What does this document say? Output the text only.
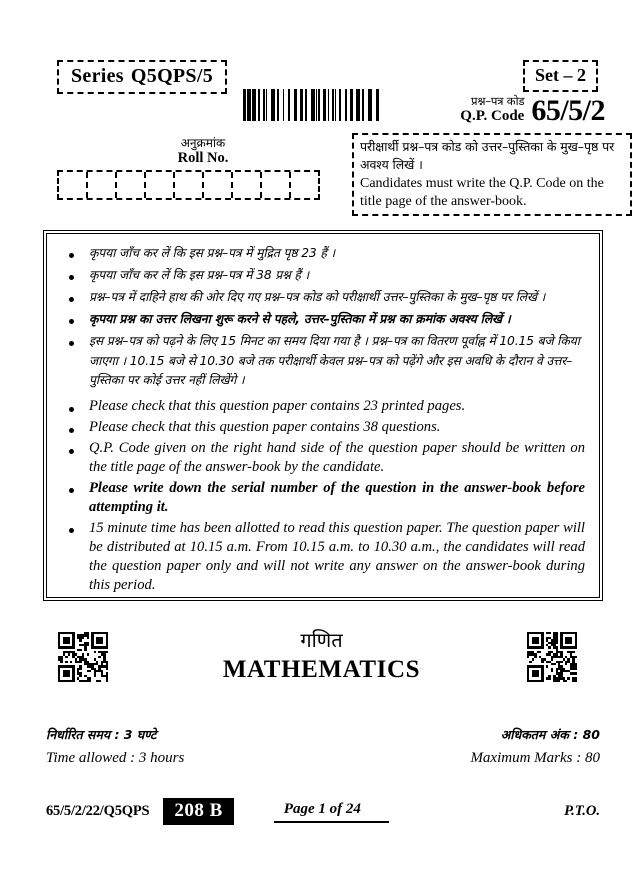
Series Q5QPS/5	Set – 2
प्रश्न–पत्र कोड
Q.P. Code 65/5/2
अनुक्रमांक
Roll No.
परीक्षार्थी प्रश्न–पत्र कोड को उत्तर–पुस्तिका के मुख–पृष्ठ पर अवश्य लिखें ।
Candidates must write the Q.P. Code on the title page of the answer-book.
कृपया जाँच कर लें कि इस प्रश्न–पत्र में मुद्रित पृष्ठ 23 हैं ।
कृपया जाँच कर लें कि इस प्रश्न–पत्र में 38 प्रश्न हैं ।
प्रश्न–पत्र में दाहिने हाथ की ओर दिए गए प्रश्न–पत्र कोड को परीक्षार्थी उत्तर–पुस्तिका के मुख–पृष्ठ पर लिखें ।
कृपया प्रश्न का उत्तर लिखना शुरू करने से पहले, उत्तर–पुस्तिका में प्रश्न का क्रमांक अवश्य लिखें ।
इस प्रश्न–पत्र को पढ़ने के लिए 15 मिनट का समय दिया गया है । प्रश्न–पत्र का वितरण पूर्वाह्न में 10.15 बजे किया जाएगा । 10.15 बजे से 10.30 बजे तक परीक्षार्थी केवल प्रश्न–पत्र को पढ़ेंगे और इस अवधि के दौरान वे उत्तर–पुस्तिका पर कोई उत्तर नहीं लिखेंगे ।
Please check that this question paper contains 23 printed pages.
Please check that this question paper contains 38 questions.
Q.P. Code given on the right hand side of the question paper should be written on the title page of the answer-book by the candidate.
Please write down the serial number of the question in the answer-book before attempting it.
15 minute time has been allotted to read this question paper. The question paper will be distributed at 10.15 a.m. From 10.15 a.m. to 10.30 a.m., the candidates will read the question paper only and will not write any answer on the answer-book during this period.
गणित
MATHEMATICS
निर्धारित समय : 3 घण्टे	अधिकतम अंक : 80
Time allowed : 3 hours	Maximum Marks : 80
65/5/2/22/Q5QPS	208 B	Page 1 of 24	P.T.O.
